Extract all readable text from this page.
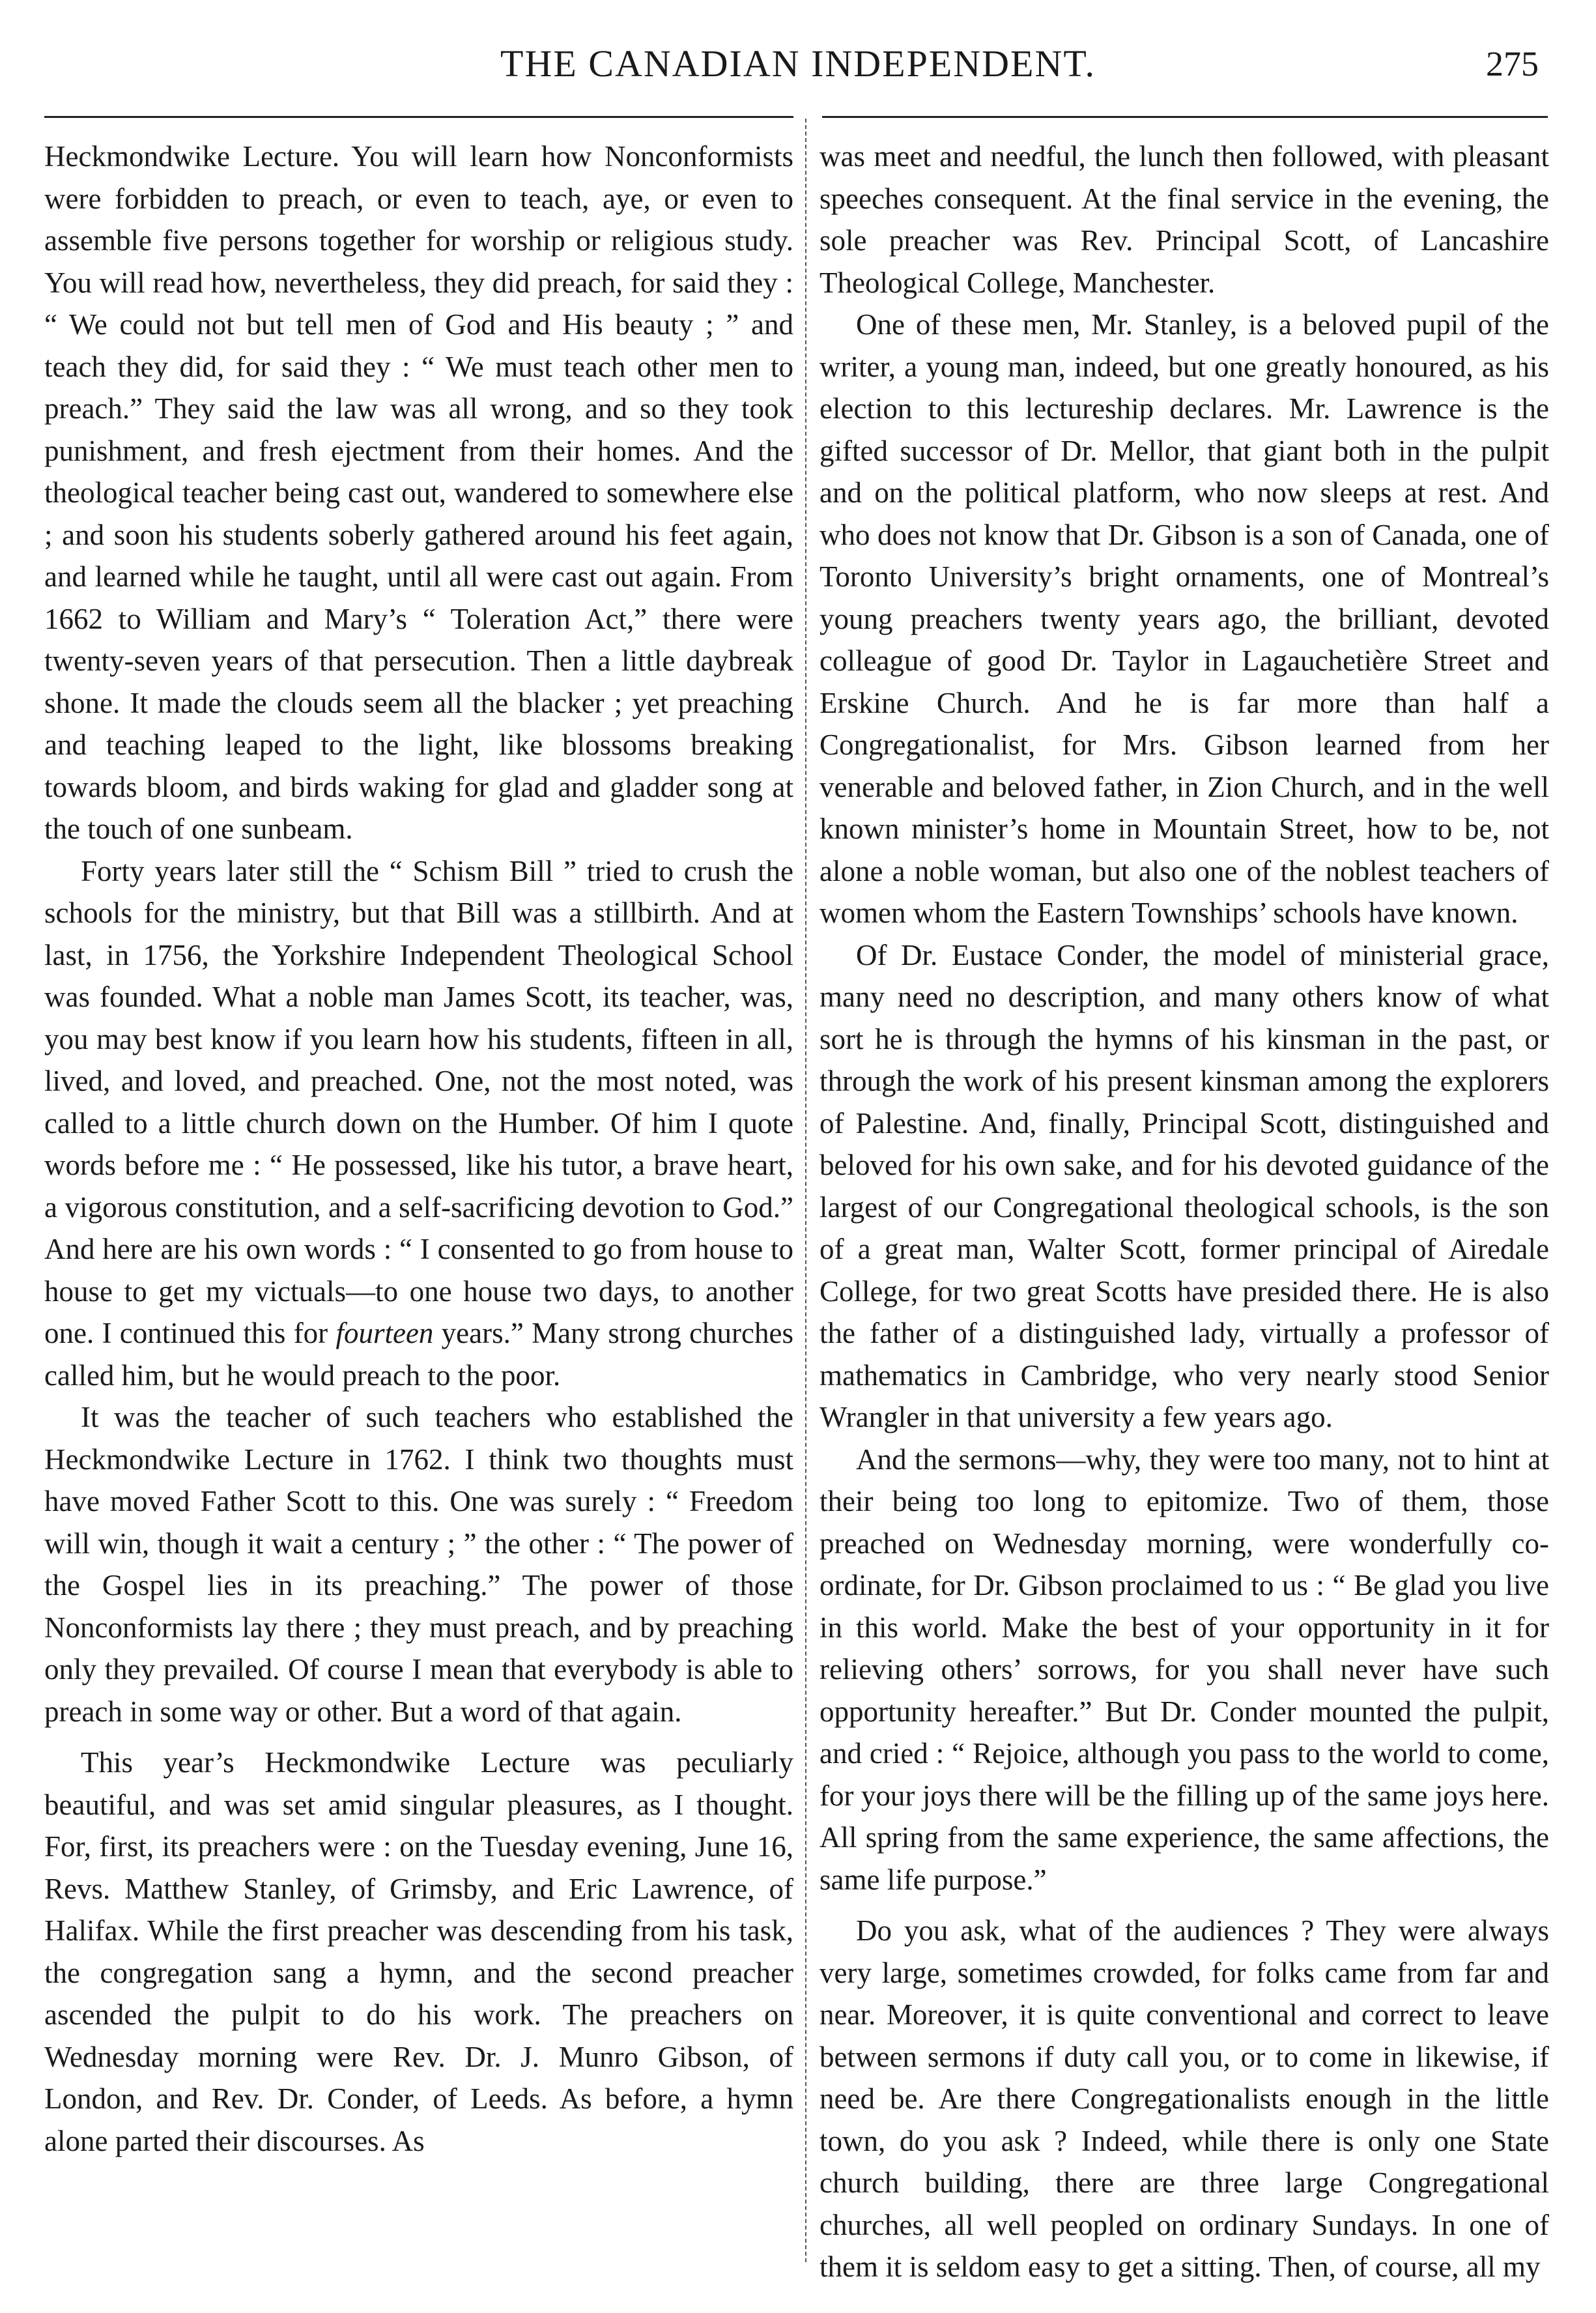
THE CANADIAN INDEPENDENT.	275

Heckmondwike Lecture. You will learn how Nonconformists were forbidden to preach, or even to teach, aye, or even to assemble five persons together for worship or religious study. You will read how, nevertheless, they did preach, for said they : “ We could not but tell men of God and His beauty ; ” and teach they did, for said they : “ We must teach other men to preach.” They said the law was all wrong, and so they took punishment, and fresh ejectment from their homes. And the theological teacher being cast out, wandered to somewhere else ; and soon his students soberly gathered around his feet again, and learned while he taught, until all were cast out again. From 1662 to William and Mary’s “ Toleration Act,” there were twenty-seven years of that persecution. Then a little daybreak shone. It made the clouds seem all the blacker ; yet preaching and teaching leaped to the light, like blossoms breaking towards bloom, and birds waking for glad and gladder song at the touch of one sunbeam.

Forty years later still the “ Schism Bill ” tried to crush the schools for the ministry, but that Bill was a stillbirth. And at last, in 1756, the Yorkshire Independent Theological School was founded. What a noble man James Scott, its teacher, was, you may best know if you learn how his students, fifteen in all, lived, and loved, and preached. One, not the most noted, was called to a little church down on the Humber. Of him I quote words before me : “ He possessed, like his tutor, a brave heart, a vigorous constitution, and a self-sacrificing devotion to God.” And here are his own words : “ I consented to go from house to house to get my victuals—to one house two days, to another one. I continued this for fourteen years.” Many strong churches called him, but he would preach to the poor.

It was the teacher of such teachers who established the Heckmondwike Lecture in 1762. I think two thoughts must have moved Father Scott to this. One was surely : “ Freedom will win, though it wait a century ; ” the other : “ The power of the Gospel lies in its preaching.” The power of those Nonconformists lay there ; they must preach, and by preaching only they prevailed. Of course I mean that everybody is able to preach in some way or other. But a word of that again.

This year’s Heckmondwike Lecture was peculiarly beautiful, and was set amid singular pleasures, as I thought. For, first, its preachers were : on the Tuesday evening, June 16, Revs. Matthew Stanley, of Grimsby, and Eric Lawrence, of Halifax. While the first preacher was descending from his task, the congregation sang a hymn, and the second preacher ascended the pulpit to do his work. The preachers on Wednesday morning were Rev. Dr. J. Munro Gibson, of London, and Rev. Dr. Conder, of Leeds. As before, a hymn alone parted their discourses. As

was meet and needful, the lunch then followed, with pleasant speeches consequent. At the final service in the evening, the sole preacher was Rev. Principal Scott, of Lancashire Theological College, Manchester.

One of these men, Mr. Stanley, is a beloved pupil of the writer, a young man, indeed, but one greatly honoured, as his election to this lectureship declares. Mr. Lawrence is the gifted successor of Dr. Mellor, that giant both in the pulpit and on the political platform, who now sleeps at rest. And who does not know that Dr. Gibson is a son of Canada, one of Toronto University’s bright ornaments, one of Montreal’s young preachers twenty years ago, the brilliant, devoted colleague of good Dr. Taylor in Lagauchetière Street and Erskine Church. And he is far more than half a Congregationalist, for Mrs. Gibson learned from her venerable and beloved father, in Zion Church, and in the well known minister’s home in Mountain Street, how to be, not alone a noble woman, but also one of the noblest teachers of women whom the Eastern Townships’ schools have known.

Of Dr. Eustace Conder, the model of ministerial grace, many need no description, and many others know of what sort he is through the hymns of his kinsman in the past, or through the work of his present kinsman among the explorers of Palestine. And, finally, Principal Scott, distinguished and beloved for his own sake, and for his devoted guidance of the largest of our Congregational theological schools, is the son of a great man, Walter Scott, former principal of Airedale College, for two great Scotts have presided there. He is also the father of a distinguished lady, virtually a professor of mathematics in Cambridge, who very nearly stood Senior Wrangler in that university a few years ago.

And the sermons—why, they were too many, not to hint at their being too long to epitomize. Two of them, those preached on Wednesday morning, were wonderfully co-ordinate, for Dr. Gibson proclaimed to us : “ Be glad you live in this world. Make the best of your opportunity in it for relieving others’ sorrows, for you shall never have such opportunity hereafter.” But Dr. Conder mounted the pulpit, and cried : “ Rejoice, although you pass to the world to come, for your joys there will be the filling up of the same joys here. All spring from the same experience, the same affections, the same life purpose.”

Do you ask, what of the audiences ? They were always very large, sometimes crowded, for folks came from far and near. Moreover, it is quite conventional and correct to leave between sermons if duty call you, or to come in likewise, if need be. Are there Congregationalists enough in the little town, do you ask ? Indeed, while there is only one State church building, there are three large Congregational churches, all well peopled on ordinary Sundays. In one of them it is seldom easy to get a sitting. Then, of course, all my
